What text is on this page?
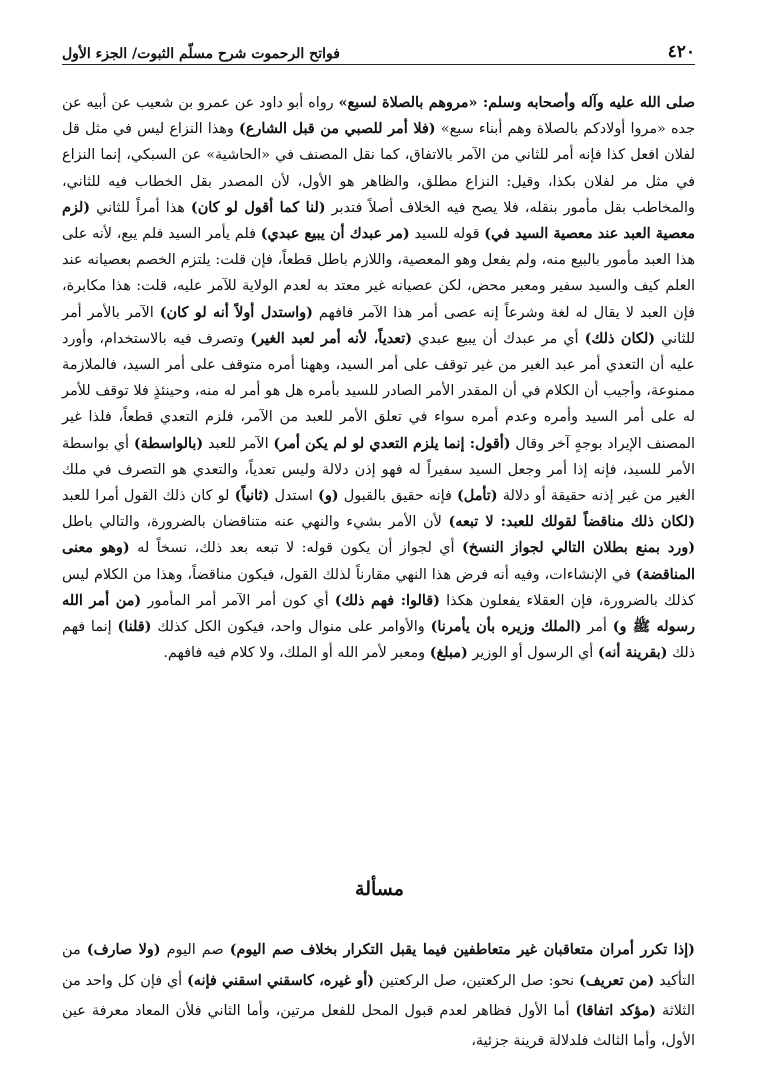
٤٢٠
فواتح الرحموت شرح مسلّم الثبوت/ الجزء الأول

صلى الله عليه وآله وأصحابه وسلم: «مروهم بالصلاة لسبع» رواه أبو داود عن عمرو بن شعيب عن أبيه عن جده «مروا أولادكم بالصلاة وهم أبناء سبع» (فلا أمر للصبي من قبل الشارع) وهذا النزاع ليس في مثل قل لفلان افعل كذا فإنه أمر للثاني من الآمر بالاتفاق، كما نقل المصنف في «الحاشية» عن السبكي، إنما النزاع في مثل مر لفلان بكذا، وقيل: النزاع مطلق، والظاهر هو الأول، لأن المصدر بقل الخطاب فيه للثاني، والمخاطب بقل مأمور بنقله، فلا يصح فيه الخلاف أصلاً فتدبر (لنا كما أقول لو كان) هذا أمراً للثاني (لزم معصية العبد عند معصية السيد في) قوله للسيد (مر عبدك أن يبيع عبدي) فلم يأمر السيد فلم يبع، لأنه على هذا العبد مأمور بالبيع منه، ولم يفعل وهو المعصية، واللازم باطل قطعاً، فإن قلت: يلتزم الخصم بعصيانه عند العلم كيف والسيد سفير ومعبر محض، لكن عصيانه غير معتد به لعدم الولاية للآمر عليه، قلت: هذا مكابرة، فإن العبد لا يقال له لغة وشرعاً إنه عصى أمر هذا الآمر فافهم (واستدل أولاً أنه لو كان) الآمر بالأمر أمر للثاني (لكان ذلك) أي مر عبدك أن يبيع عبدي (تعدياً، لأنه أمر لعبد الغير) وتصرف فيه بالاستخدام، وأورد عليه أن التعدي أمر عبد الغير من غير توقف على أمر السيد، وههنا أمره متوقف على أمر السيد، فالملازمة ممنوعة، وأجيب أن الكلام في أن المقدر الأمر الصادر للسيد بأمره هل هو أمر له منه، وحينئذٍ فلا توقف للأمر له على أمر السيد وأمره وعدم أمره سواء في تعلق الأمر للعبد من الآمر، فلزم التعدي قطعاً، فلذا غير المصنف الإيراد بوجهٍ آخر وقال (أقول: إنما يلزم التعدي لو لم يكن أمر) الآمر للعبد (بالواسطة) أي بواسطة الأمر للسيد، فإنه إذا أمر وجعل السيد سفيراً له فهو إذن دلالة وليس تعدياً، والتعدي هو التصرف في ملك الغير من غير إذنه حقيقة أو دلالة (تأمل) فإنه حقيق بالقبول (و) استدل (ثانياً) لو كان ذلك القول أمرا للعبد (لكان ذلك مناقضاً لقولك للعبد: لا تبعه) لأن الأمر بشيء والنهي عنه متناقضان بالضرورة، والتالي باطل (ورد بمنع بطلان التالي لجواز النسخ) أي لجواز أن يكون قوله: لا تبعه بعد ذلك، نسخاً له (وهو معنى المناقضة) في الإنشاءات، وفيه أنه فرض هذا النهي مقارناً لذلك القول، فيكون مناقضاً، وهذا من الكلام ليس كذلك بالضرورة، فإن العقلاء يفعلون هكذا (قالوا: فهم ذلك) أي كون أمر الآمر أمر المأمور (من أمر الله رسوله ﷺ و) أمر (الملك وزيره بأن يأمرنا) والأوامر على منوال واحد، فيكون الكل كذلك (قلنا) إنما فهم ذلك (بقرينة أنه) أي الرسول أو الوزير (مبلغ) ومعبر لأمر الله أو الملك، ولا كلام فيه فافهم.

مسألة

(إذا تكرر أمران متعاقبان غير متعاطفين فيما يقبل التكرار بخلاف صم اليوم) صم اليوم (ولا صارف) من التأكيد (من تعريف) نحو: صل الركعتين، صل الركعتين (أو غيره، كاسقني اسقني فإنه) أي فإن كل واحد من الثلاثة (مؤكد اتفاقا) أما الأول فظاهر لعدم قبول المحل للفعل مرتين، وأما الثاني فلأن المعاد معرفة عين الأول، وأما الثالث فلدلالة قرينة جزئية،
